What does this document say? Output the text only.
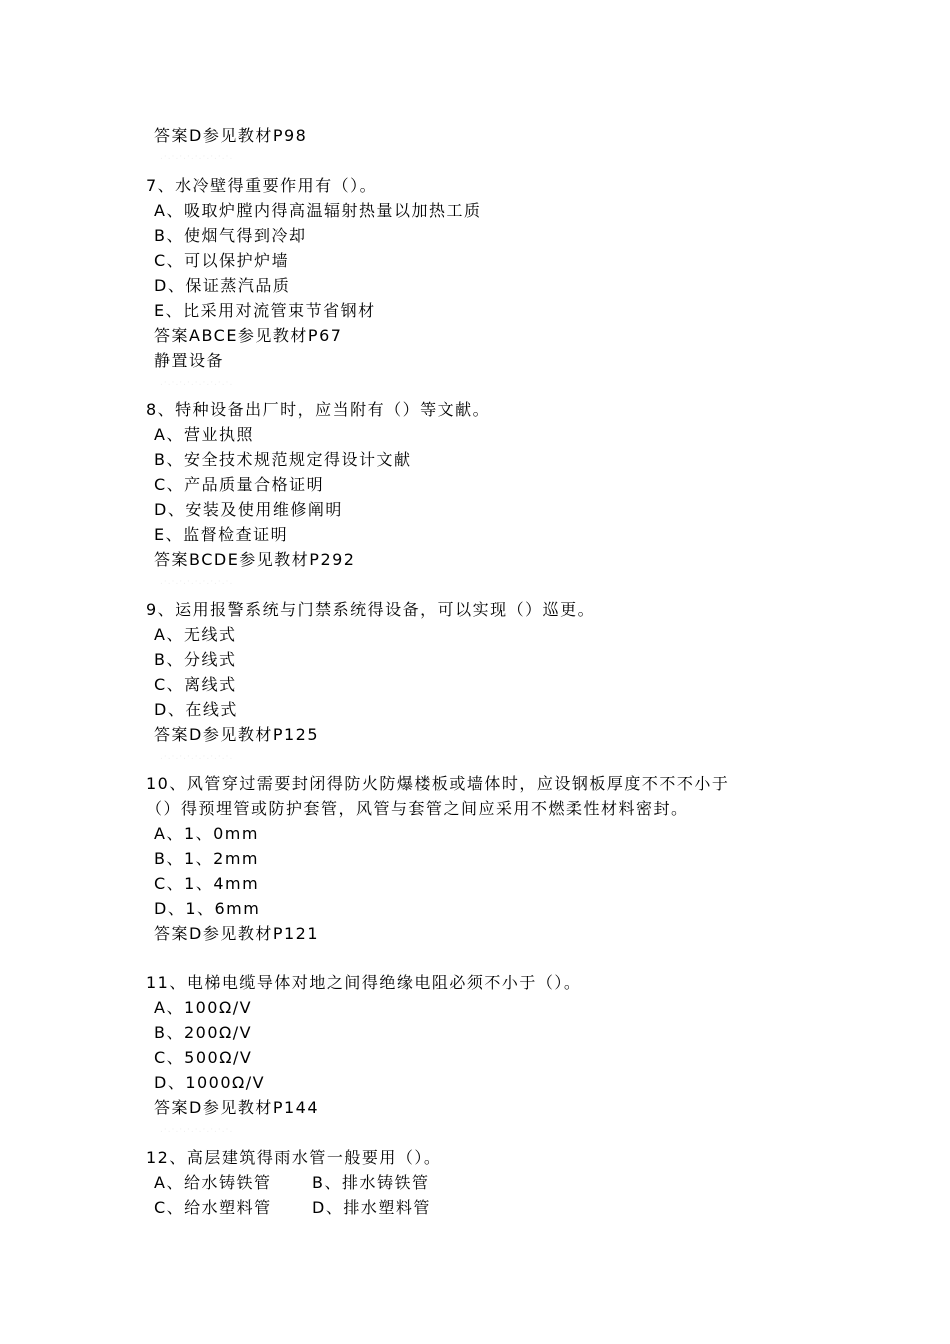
答案D参见教材P98
.·.·.·.·.·.·.·.·.·.
7、水冷壁得重要作用有（）。
A、吸取炉膛内得高温辐射热量以加热工质
B、使烟气得到冷却
C、可以保护炉墙
D、保证蒸汽品质
E、比采用对流管束节省钢材
答案ABCE参见教材P67
静置设备
.·.·.·.·.·.·.·.·.·.
8、特种设备出厂时，应当附有（）等文献。
A、营业执照
B、安全技术规范规定得设计文献
C、产品质量合格证明
D、安装及使用维修阐明
E、监督检查证明
答案BCDE参见教材P292
.·.·.·.·.·.·.·.·.·.
9、运用报警系统与门禁系统得设备，可以实现（）巡更。
A、无线式
B、分线式
C、离线式
D、在线式
答案D参见教材P125
.·.·.·.·.·.·.·.·.·.
10、风管穿过需要封闭得防火防爆楼板或墙体时，应设钢板厚度不不不小于
（）得预埋管或防护套管，风管与套管之间应采用不燃柔性材料密封。
A、1、0mm
B、1、2mm
C、1、4mm
D、1、6mm
答案D参见教材P121
11、电梯电缆导体对地之间得绝缘电阻必须不小于（）。
A、100Ω/V
B、200Ω/V
C、500Ω/V
D、1000Ω/V
答案D参见教材P144
.·.·.·.·.·.·.·.·.·.
12、高层建筑得雨水管一般要用（）。
A、给水铸铁管	B、排水铸铁管
C、给水塑料管	D、排水塑料管
